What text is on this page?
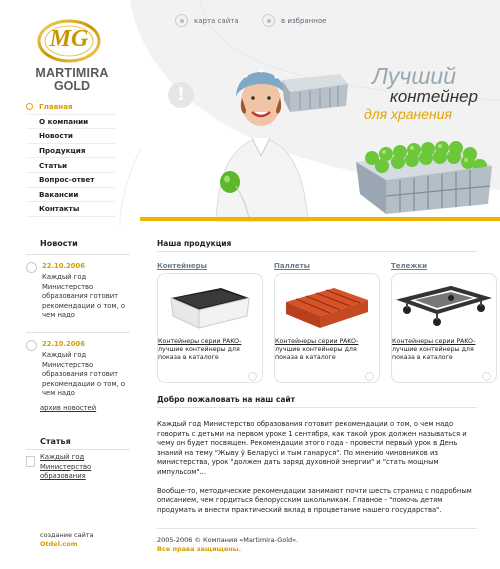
MG
MARTIMIRA
GOLD
карта сайта	в избранное
!
Лучший
контейнер
для хранения
Главная
О компании
Новости
Продукция
Статьи
Вопрос-ответ
Вакансии
Контакты
Новости
22.10.2006
Каждый год Министерство образования готовит рекомендации о том, о чем надо
22.10.2006
Каждый год Министерство образования готовит рекомендации о том, о чем надо
архив новостей
Статья
Каждый год Министерство образования
создание сайта
Otdel.com
Наша продукция
Контейнеры
Контейнеры серии PAKO- лучшие контейнеры для показа в каталоге
Паллеты
Контейнеры серии PAKO- лучшие контейнеры для показа в каталоге
Тележки
Контейнеры серии PAKO- лучшие контейнеры для показа в каталоге
Добро пожаловать на наш сайт

Каждый год Министерство образования готовит рекомендации о том, о чем надо говорить с детьми на первом уроке 1 сентября, как такой урок должен называться и чему он будет посвящен. Рекомендации этого года - провести первый урок в День знаний на тему "Жыву ў Беларусі и тым ганаруся". По мнению чиновников из министерства, урок "должен дать заряд духовной энергии" и "стать мощным импульсом"...

Вообще-то, методические рекомендации занимают почти шесть страниц с подробным описанием, чем гордиться белорусским школьникам. Главное - "помочь детям продумать и внести практический вклад в процветание нашего государства".

2005-2006 © Компания «Martimira-Gold».
Все права защищены.
